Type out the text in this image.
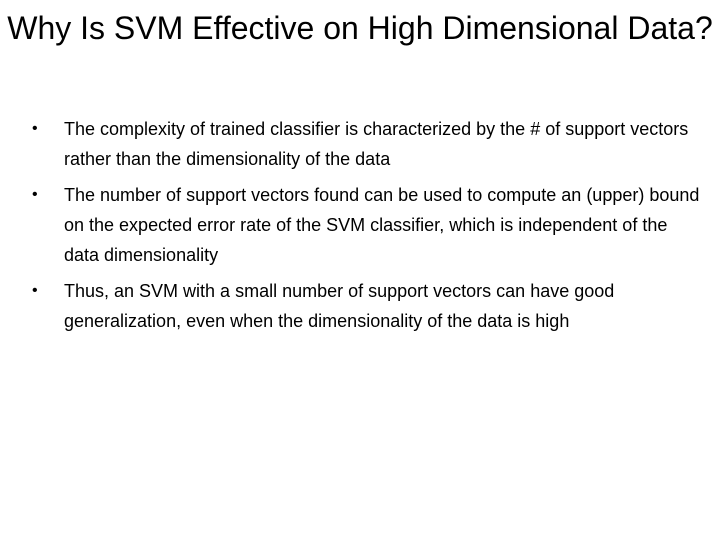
Why Is SVM Effective on High Dimensional Data?
•	The complexity of trained classifier is characterized by the # of support vectors rather than the dimensionality of the data
•	The number of support vectors found can be used to compute an (upper) bound on the expected error rate of the SVM classifier, which is independent of the data dimensionality
•	Thus, an SVM with a small number of support vectors can have good generalization, even when the dimensionality of the data is high
